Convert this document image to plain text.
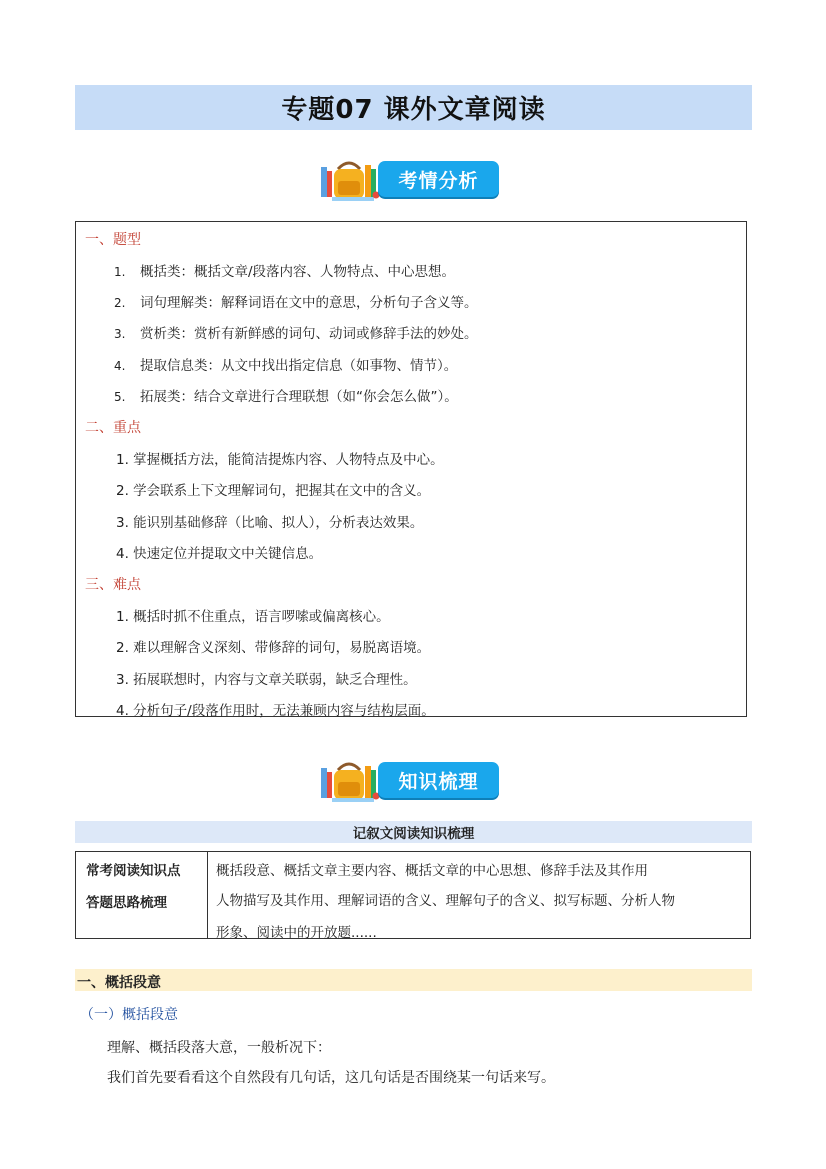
专题07 课外文章阅读
考情分析
一、题型
1. 概括类：概括文章/段落内容、人物特点、中心思想。
2. 词句理解类：解释词语在文中的意思，分析句子含义等。
3. 赏析类：赏析有新鲜感的词句、动词或修辞手法的妙处。
4. 提取信息类：从文中找出指定信息（如事物、情节）。
5. 拓展类：结合文章进行合理联想（如“你会怎么做”）。
二、重点
1. 掌握概括方法，能简洁提炼内容、人物特点及中心。
2. 学会联系上下文理解词句，把握其在文中的含义。
3. 能识别基础修辞（比喻、拟人），分析表达效果。
4. 快速定位并提取文中关键信息。
三、难点
1. 概括时抓不住重点，语言啰嗦或偏离核心。
2. 难以理解含义深刻、带修辞的词句，易脱离语境。
3. 拓展联想时，内容与文章关联弱，缺乏合理性。
4. 分析句子/段落作用时，无法兼顾内容与结构层面。
知识梳理
记叙文阅读知识梳理
常考阅读知识点
答题思路梳理
概括段意、概括文章主要内容、概括文章的中心思想、修辞手法及其作用
人物描写及其作用、理解词语的含义、理解句子的含义、拟写标题、分析人物
形象、阅读中的开放题......
一、概括段意
（一）概括段意
理解、概括段落大意，一般析况下：
我们首先要看看这个自然段有几句话，这几句话是否围绕某一句话来写。
